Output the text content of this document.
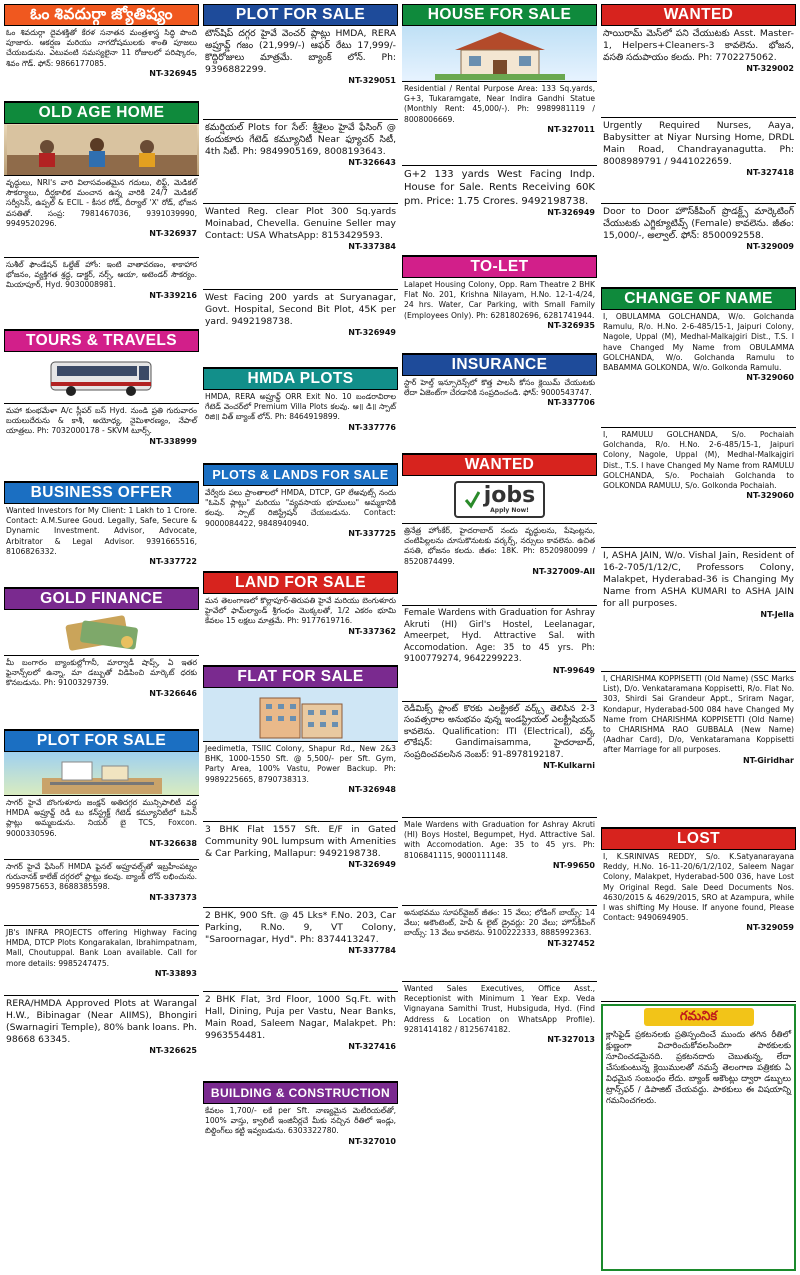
ఓం శివదుర్గా జ్యోతిష్యం
ఓం శివదుర్గా దైవశక్తితో కేరళ సనాతన మంత్రశాస్త్ర సిద్ధి పొంది పూజారు. ఆకర్షణ మరియు నాగదోషములకు శాంతి పూజలు చేయబడును. ఎటువంటి సమస్యలైనా 11 రోజులలో పరిష్కారం, శివం గౌడ్. ఫోన్: 9866177085.
NT-326945
OLD AGE HOME
వృద్ధులు, NRI's వారి విలాసవంతమైన గదులు, లిఫ్ట్, మెడికల్ సౌకర్యాలు, దీర్ఘకాలిక మంచాన ఉన్న వారికి 24/7 మెడికల్ సర్వీసెస్, ఉప్పల్ & ECIL - కీసర రోడ్, దీర్యాల్ 'X' రోడ్, భోజన వసతితో. సంప్ర: 7981467036, 9391039990, 9949520296.
NT-326937
సుశీల్ ఫౌండేషన్ ఓల్డేజ్ హోం: ఇంటి వాతావరణం, శాకాహార భోజనం, వ్యక్తిగత శ్రద్ధ, డాక్టర్, నర్స్, ఆయా, అటెండర్ సౌకర్యం. మియాపూర్, Hyd. 9030008981.
NT-339216
TOURS & TRAVELS
మహా కుంభమేళా A/c స్లీపర్ బస్ Hyd. నుండి ప్రతి గురువారం బయలుదేరును & కాశీ, అయోధ్య, నైమిశారణ్యం, నేపాల్ యాత్రలు. Ph: 7032000178 - SKVM టూర్స్.
NT-338999
BUSINESS OFFER
Wanted Investors for My Client: 1 Lakh to 1 Crore. Contact: A.M.Suree Goud. Legally, Safe, Secure & Dynamic Investment. Advisor, Advocate, Arbitrator & Legal Advisor. 9391665516, 8106826332.
NT-337722
GOLD FINANCE
మీ బంగారం బ్యాంకుల్లోగానీ, మార్వాడీ షాప్స్, ఏ ఇతర ఫైనాన్స్‌లలో ఉన్నా, మా డబ్బుతో విడిపించి మార్కెట్ ధరకు కొనబడును. Ph: 9100329739.
NT-326646
PLOT FOR SALE
సాగర్ హైవే బొంగుళూరు జంక్షన్ అతిదగ్గర మున్సిపాలిటీ వద్ద HMDA అప్రూవ్డ్ రెడీ టు కన్‌స్ట్రక్ట్ గేటెడ్ కమ్యూనిటీలో ఓపెన్ ప్లాట్లు అమ్మబడును. నియర్ బై TCS, Foxcon. 9000330596.
NT-326638
సాగర్ హైవే ఫేసింగ్ HMDA ఫైనల్ అప్రూవల్స్‌తో ఇబ్రహీంపట్నం గురునానక్ కాలేజ్ దగ్గరలో ప్లాట్లు కలవు. బ్యాంక్ లోన్ లభించును. 9959875653, 8688385598.
NT-337373
JB's INFRA PROJECTS offering Highway Facing HMDA, DTCP Plots Kongarakalan, Ibrahimpatnam, Mall, Choutuppal. Bank Loan available. Call for more details: 9985247475.
NT-33893
RERA/HMDA Approved Plots at Warangal H.W., Bibinagar (Near AIIMS), Bhongiri (Swarnagiri Temple), 80% bank loans. Ph. 98668 63345.
NT-326625
PLOT FOR SALE
టౌన్‌షిప్ దగ్గర హైవే వెంచర్ ప్లాట్లు HMDA, RERA అప్రూవ్డ్ గజం (21,999/-) ఆఫర్ రేటు 17,999/- కొద్దిరోజులు మాత్రమే. బ్యాంక్ లోన్. Ph: 9396882299.
NT-329051
కమర్షియల్ Plots for సేల్: శ్రీశైలం హైవే ఫేసింగ్ @ కందుకూరు గేటెడ్ కమ్యూనిటీ Near ఫ్యూచర్ సిటీ, 4th సిటీ. Ph: 9849905169, 8008193643.
NT-326643
Wanted Reg. clear Plot 300 Sq.yards Moinabad, Chevella. Genuine Seller may Contact: USA WhatsApp: 8153429593.
NT-337384
West Facing 200 yards at Suryanagar, Govt. Hospital, Second Bit Plot, 45K per yard. 9492198738.
NT-326949
HMDA PLOTS
HMDA, RERA అప్రూవ్డ్ ORR Exit No. 10 బండరావిరాల గేటెడ్ వెంచర్‌లో Premium Villa Plots కలవు. ఆ॥ డి॥ స్పాట్ రిజి॥ విత్ బ్యాంక్ లోన్. Ph: 8464919899.
NT-337776
PLOTS & LANDS FOR SALE
వేర్వేరు పలు ప్రాంతాలలో HMDA, DTCP, GP లేఅవుట్స్ నందు "ఓపెన్ ప్లాట్లు" మరియు "వ్యవసాయ భూములు" అమ్మకానికి కలవు. స్పాట్ రిజిస్ట్రేషన్ చేయబడును. Contact: 9000084422, 9848940940.
NT-337725
LAND FOR SALE
మన తెలంగాణలో కొల్లాపూర్-తిరుపతి హైవే మరియు బెంగుళూరు హైవేలో ఫామ్‌ల్యాండ్ శ్రీగంధం మొక్కలతో, 1/2 ఎకరం భూమి కేవలం 15 లక్షలు మాత్రమే. Ph: 9177619716.
NT-337362
FLAT FOR SALE
Jeedimetla, TSIIC Colony, Shapur Rd., New 2&3 BHK, 1000-1550 Sft. @ 5,500/- per Sft. Gym, Party Area, 100% Vastu, Power Backup. Ph: 9989225665, 8790738313.
NT-326948
3 BHK Flat 1557 Sft. E/F in Gated Community 90L lumpsum with Amenities & Car Parking, Mallapur: 9492198738.
NT-326949
2 BHK, 900 Sft. @ 45 Lks* F.No. 203, Car Parking, R.No. 9, VT Colony, "Saroornagar, Hyd". Ph: 8374413247.
NT-337784
2 BHK Flat, 3rd Floor, 1000 Sq.Ft. with Hall, Dining, Puja per Vastu, Near Banks, Main Road, Saleem Nagar, Malakpet. Ph: 9963554481.
NT-327416
BUILDING & CONSTRUCTION
కేవలం 1,700/- లకే per Sft. నాణ్యమైన మెటీరియల్‌తో, 100% వాస్తు, క్వాలిటీ ఇంజినీర్లచే మీకు నచ్చిన రీతిలో ఇండ్లు, బిల్డింగ్‌లు కట్టి ఇవ్వబడును. 6303322780.
NT-327010
HOUSE FOR SALE
Residential / Rental Purpose Area: 133 Sq.yards, G+3, Tukaramgate, Near Indira Gandhi Statue (Monthly Rent: 45,000/-). Ph: 9989981119 / 8008006669.
NT-327011
G+2 133 yards West Facing Indp. House for Sale. Rents Receiving 60K pm. Price: 1.75 Crores. 9492198738.
NT-326949
TO-LET
Lalapet Housing Colony, Opp. Ram Theatre 2 BHK Flat No. 201, Krishna Nilayam, H.No. 12-1-4/24, 24 hrs. Water, Car Parking, with Small Family (Employees Only). Ph: 6281802696, 6281741944.
NT-326935
INSURANCE
స్టార్ హెల్త్ ఇన్సూరెన్స్‌లో కొత్త పాలసీ కోసం క్లెయిమ్ చేయుటకు లేదా ఏజెంట్‌గా చేరడానికి సంప్రదించండి. ఫోన్: 9000543747.
NT-337706
WANTED
jobs
Apply Now!
త్రినేత్ర హోంకేర్, హైదరాబాద్ నందు వృద్ధులను, పేషెంట్లను, చంటిపిల్లలను చూసుకొనుటకు వర్కర్స్, నర్సులు కావలెను. ఉచిత వసతి, భోజనం కలదు. జీతం: 18K. Ph: 8520980099 / 8520874499.
NT-327009-All
Female Wardens with Graduation for Ashray Akruti (HI) Girl's Hostel, Leelanagar, Ameerpet, Hyd. Attractive Sal. with Accomodation. Age: 35 to 45 yrs. Ph: 9100779274, 9642299223.
NT-99649
రెడీమిక్స్ ప్లాంట్ కొరకు ఎలక్ట్రికల్ వర్క్స్ తెలిసిన 2-3 సంవత్సరాల అనుభవం వున్న ఇండస్ట్రియల్ ఎలక్ట్రీషియన్ కావలెను. Qualification: ITI (Electrical), వర్క్ లొకేషన్: Gandimaisamma, హైదరాబాద్, సంప్రదించవలసిన నెంబర్: 91-8978192187.
NT-Kulkarni
Male Wardens with Graduation for Ashray Akruti (HI) Boys Hostel, Begumpet, Hyd. Attractive Sal. with Accomodation. Age: 35 to 45 yrs. Ph: 8106841115, 9000111148.
NT-99650
అనుభవము సూపర్‌వైజర్ జీతం: 15 వేలు; లోడింగ్ బాయ్స్: 14 వేలు; అకౌంటెంట్, హెవీ & లైట్ డ్రైవర్లు: 20 వేలు; హౌస్‌కీపింగ్ బాయ్స్: 13 వేలు కావలెను. 9100222333, 8885992363.
NT-327452
Wanted Sales Executives, Office Asst., Receptionist with Minimum 1 Year Exp. Veda Vignayana Samithi Trust, Hubsiguda, Hyd. (Find Address & Location on WhatsApp Profile). 9281414182 / 8125674182.
NT-327013
WANTED
సాయిరామ్ మెస్‌లో పని చేయుటకు Asst. Master-1, Helpers+Cleaners-3 కావలెను. భోజన, వసతి సదుపాయం కలదు. Ph: 7702275062.
NT-329002
Urgently Required Nurses, Aaya, Babysitter at Niyar Nursing Home, DRDL Main Road, Chandrayanagutta. Ph: 8008989791 / 9441022659.
NT-327418
Door to Door హౌస్‌కీపింగ్ ప్రొడక్ట్స్ మార్కెటింగ్ చేయుటకు ఎగ్జిక్యూటివ్స్ (Female) కావలెను. జీతం: 15,000/-, అల్వాల్. ఫోన్: 8500092558.
NT-329009
CHANGE OF NAME
I, OBULAMMA GOLCHANDA, W/o. Golchanda Ramulu, R/o. H.No. 2-6-485/15-1, Jaipuri Colony, Nagole, Uppal (M), Medhal-Malkajgiri Dist., T.S. I have Changed My Name from OBULAMMA GOLCHANDA, W/o. Golchanda Ramulu to BABAMMA GOLKONDA, W/o. Golkonda Ramulu.
NT-329060
I, RAMULU GOLCHANDA, S/o. Pochaiah Golchanda, R/o. H.No. 2-6-485/15-1, Jaipuri Colony, Nagole, Uppal (M), Medhal-Malkajgiri Dist., T.S. I have Changed My Name from RAMULU GOLCHANDA, S/o. Pochaiah Golchanda to GOLKONDA RAMULU, S/o. Golkonda Pochaiah.
NT-329060
I, ASHA JAIN, W/o. Vishal Jain, Resident of 16-2-705/1/12/C, Professors Colony, Malakpet, Hyderabad-36 is Changing My Name from ASHA KUMARI to ASHA JAIN for all purposes.
NT-Jella
I, CHARISHMA KOPPISETTI (Old Name) (SSC Marks List), D/o. Venkataramana Koppisetti, R/o. Flat No. 303, Shirdi Sai Grandeur Appt., Sriram Nagar, Kondapur, Hyderabad-500 084 have Changed My Name from CHARISHMA KOPPISETTI (Old Name) to CHARISHMA RAO GUBBALA (New Name) (Aadhar Card), D/o, Venkataramana Koppisetti after Marriage for all purposes.
NT-Giridhar
LOST
I, K.SRINIVAS REDDY, S/o. K.Satyanarayana Reddy, H.No. 16-11-20/6/1/2/102, Saleem Nagar Colony, Malakpet, Hyderabad-500 036, have Lost My Original Regd. Sale Deed Documents Nos. 4630/2015 & 4629/2015, SRO at Azampura, while I was shifting My House. If anyone found, Please Contact: 9490694905.
NT-329059
గమనిక
క్లాసిఫైడ్ ప్రకటనలకు ప్రతిస్పందించే ముందు తగిన రీతిలో క్షుణ్ణంగా విచారించుకోవలసిందిగా పాఠకులకు సూచించడమైనది. ప్రకటనదారు చెబుతున్న, లేదా చేసుకుంటున్న క్లెయిములతో నమస్తే తెలంగాణ పత్రికకు ఏ విధమైన సంబంధం లేదు. బ్యాంక్ అకౌంట్లు ద్వారా డబ్బులు ట్రాన్స్‌ఫర్ / డిపాజిట్ చేయవద్దు. పాఠకులు ఈ విషయాన్ని గమనించగలరు.
